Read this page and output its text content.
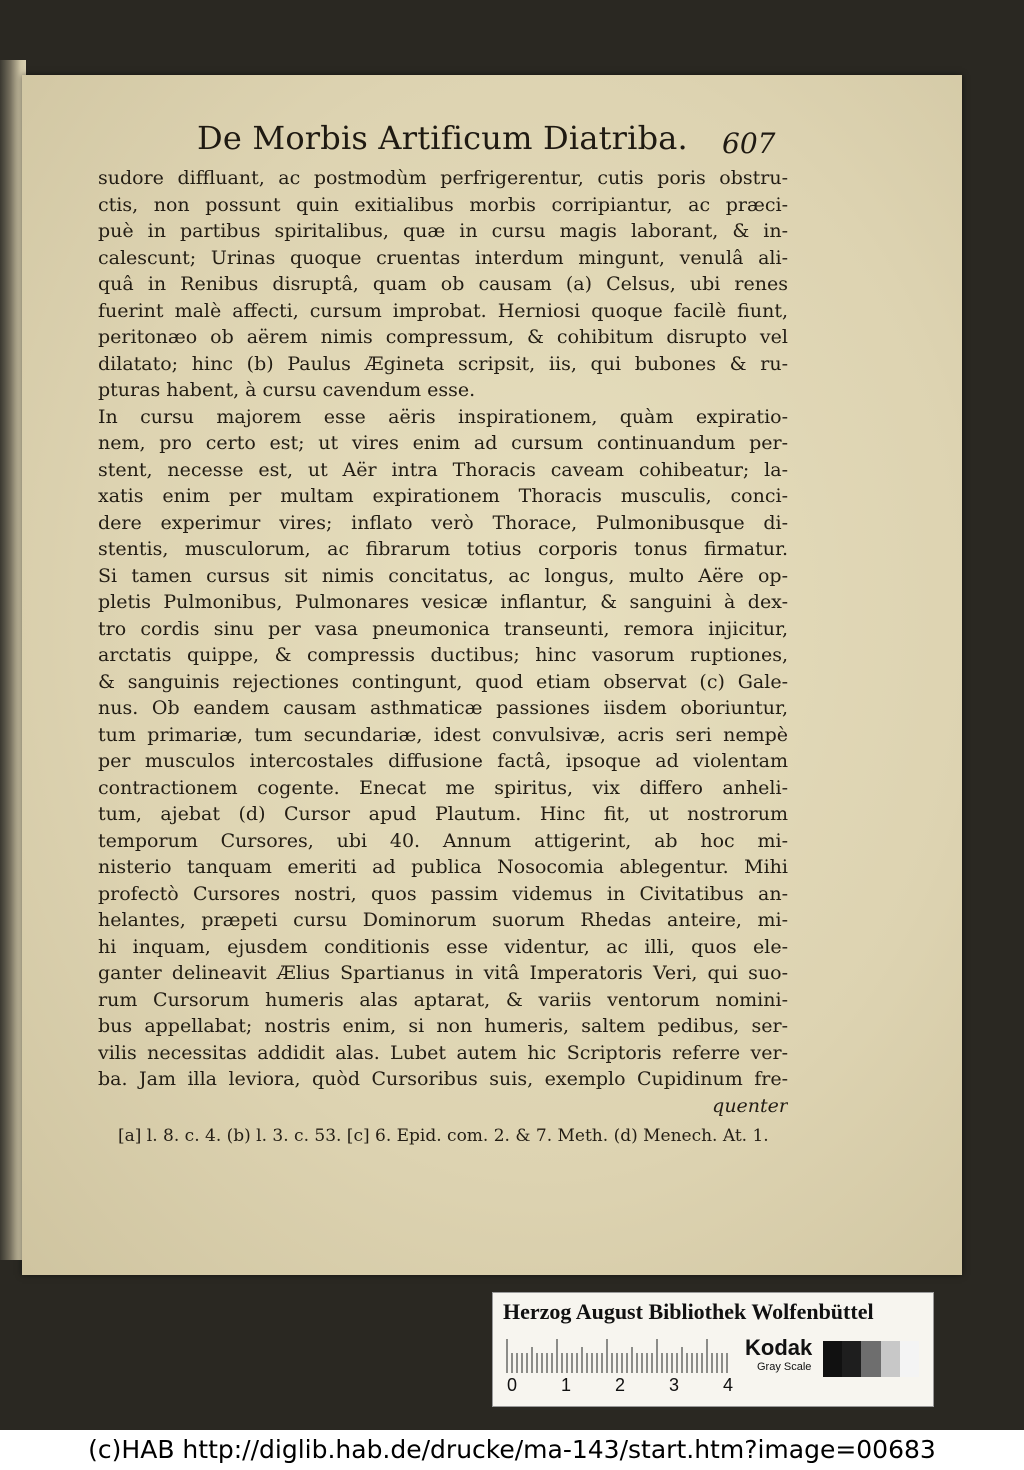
De Morbis Artificum Diatriba.	607
sudore diffluant, ac postmodùm perfrigerentur, cutis poris obstru-
ctis, non possunt quin exitialibus morbis corripiantur, ac præci-
puè in partibus spiritalibus, quæ in cursu magis laborant, & in-
calescunt; Urinas quoque cruentas interdum mingunt, venulâ ali-
quâ in Renibus disruptâ, quam ob causam (a) Celsus, ubi renes
fuerint malè affecti, cursum improbat. Herniosi quoque facilè fiunt,
peritonæo ob aërem nimis compressum, & cohibitum disrupto vel
dilatato; hinc (b) Paulus Ægineta scripsit, iis, qui bubones & ru-
pturas habent, à cursu cavendum esse.
In cursu majorem esse aëris inspirationem, quàm expiratio-
nem, pro certo est; ut vires enim ad cursum continuandum per-
stent, necesse est, ut Aër intra Thoracis caveam cohibeatur; la-
xatis enim per multam expirationem Thoracis musculis, conci-
dere experimur vires; inflato verò Thorace, Pulmonibusque di-
stentis, musculorum, ac fibrarum totius corporis tonus firmatur.
Si tamen cursus sit nimis concitatus, ac longus, multo Aëre op-
pletis Pulmonibus, Pulmonares vesicæ inflantur, & sanguini à dex-
tro cordis sinu per vasa pneumonica transeunti, remora injicitur,
arctatis quippe, & compressis ductibus; hinc vasorum ruptiones,
& sanguinis rejectiones contingunt, quod etiam observat (c) Gale-
nus. Ob eandem causam asthmaticæ passiones iisdem oboriuntur,
tum primariæ, tum secundariæ, idest convulsivæ, acris seri nempè
per musculos intercostales diffusione factâ, ipsoque ad violentam
contractionem cogente. Enecat me spiritus, vix differo anheli-
tum, ajebat (d) Cursor apud Plautum. Hinc fit, ut nostrorum
temporum Cursores, ubi 40. Annum attigerint, ab hoc mi-
nisterio tanquam emeriti ad publica Nosocomia ablegentur. Mihi
profectò Cursores nostri, quos passim videmus in Civitatibus an-
helantes, præpeti cursu Dominorum suorum Rhedas anteire, mi-
hi inquam, ejusdem conditionis esse videntur, ac illi, quos ele-
ganter delineavit Ælius Spartianus in vitâ Imperatoris Veri, qui suo-
rum Cursorum humeris alas aptarat, & variis ventorum nomini-
bus appellabat; nostris enim, si non humeris, saltem pedibus, ser-
vilis necessitas addidit alas. Lubet autem hic Scriptoris referre ver-
ba. Jam illa leviora, quòd Cursoribus suis, exemplo Cupidinum fre-
quenter
[a] l. 8. c. 4. (b) l. 3. c. 53. [c] 6. Epid. com. 2. & 7. Meth. (d) Menech. At. 1.
Herzog August Bibliothek Wolfenbüttel
0 1 2 3 4
Kodak
Gray Scale
(c)HAB http://diglib.hab.de/drucke/ma-143/start.htm?image=00683
